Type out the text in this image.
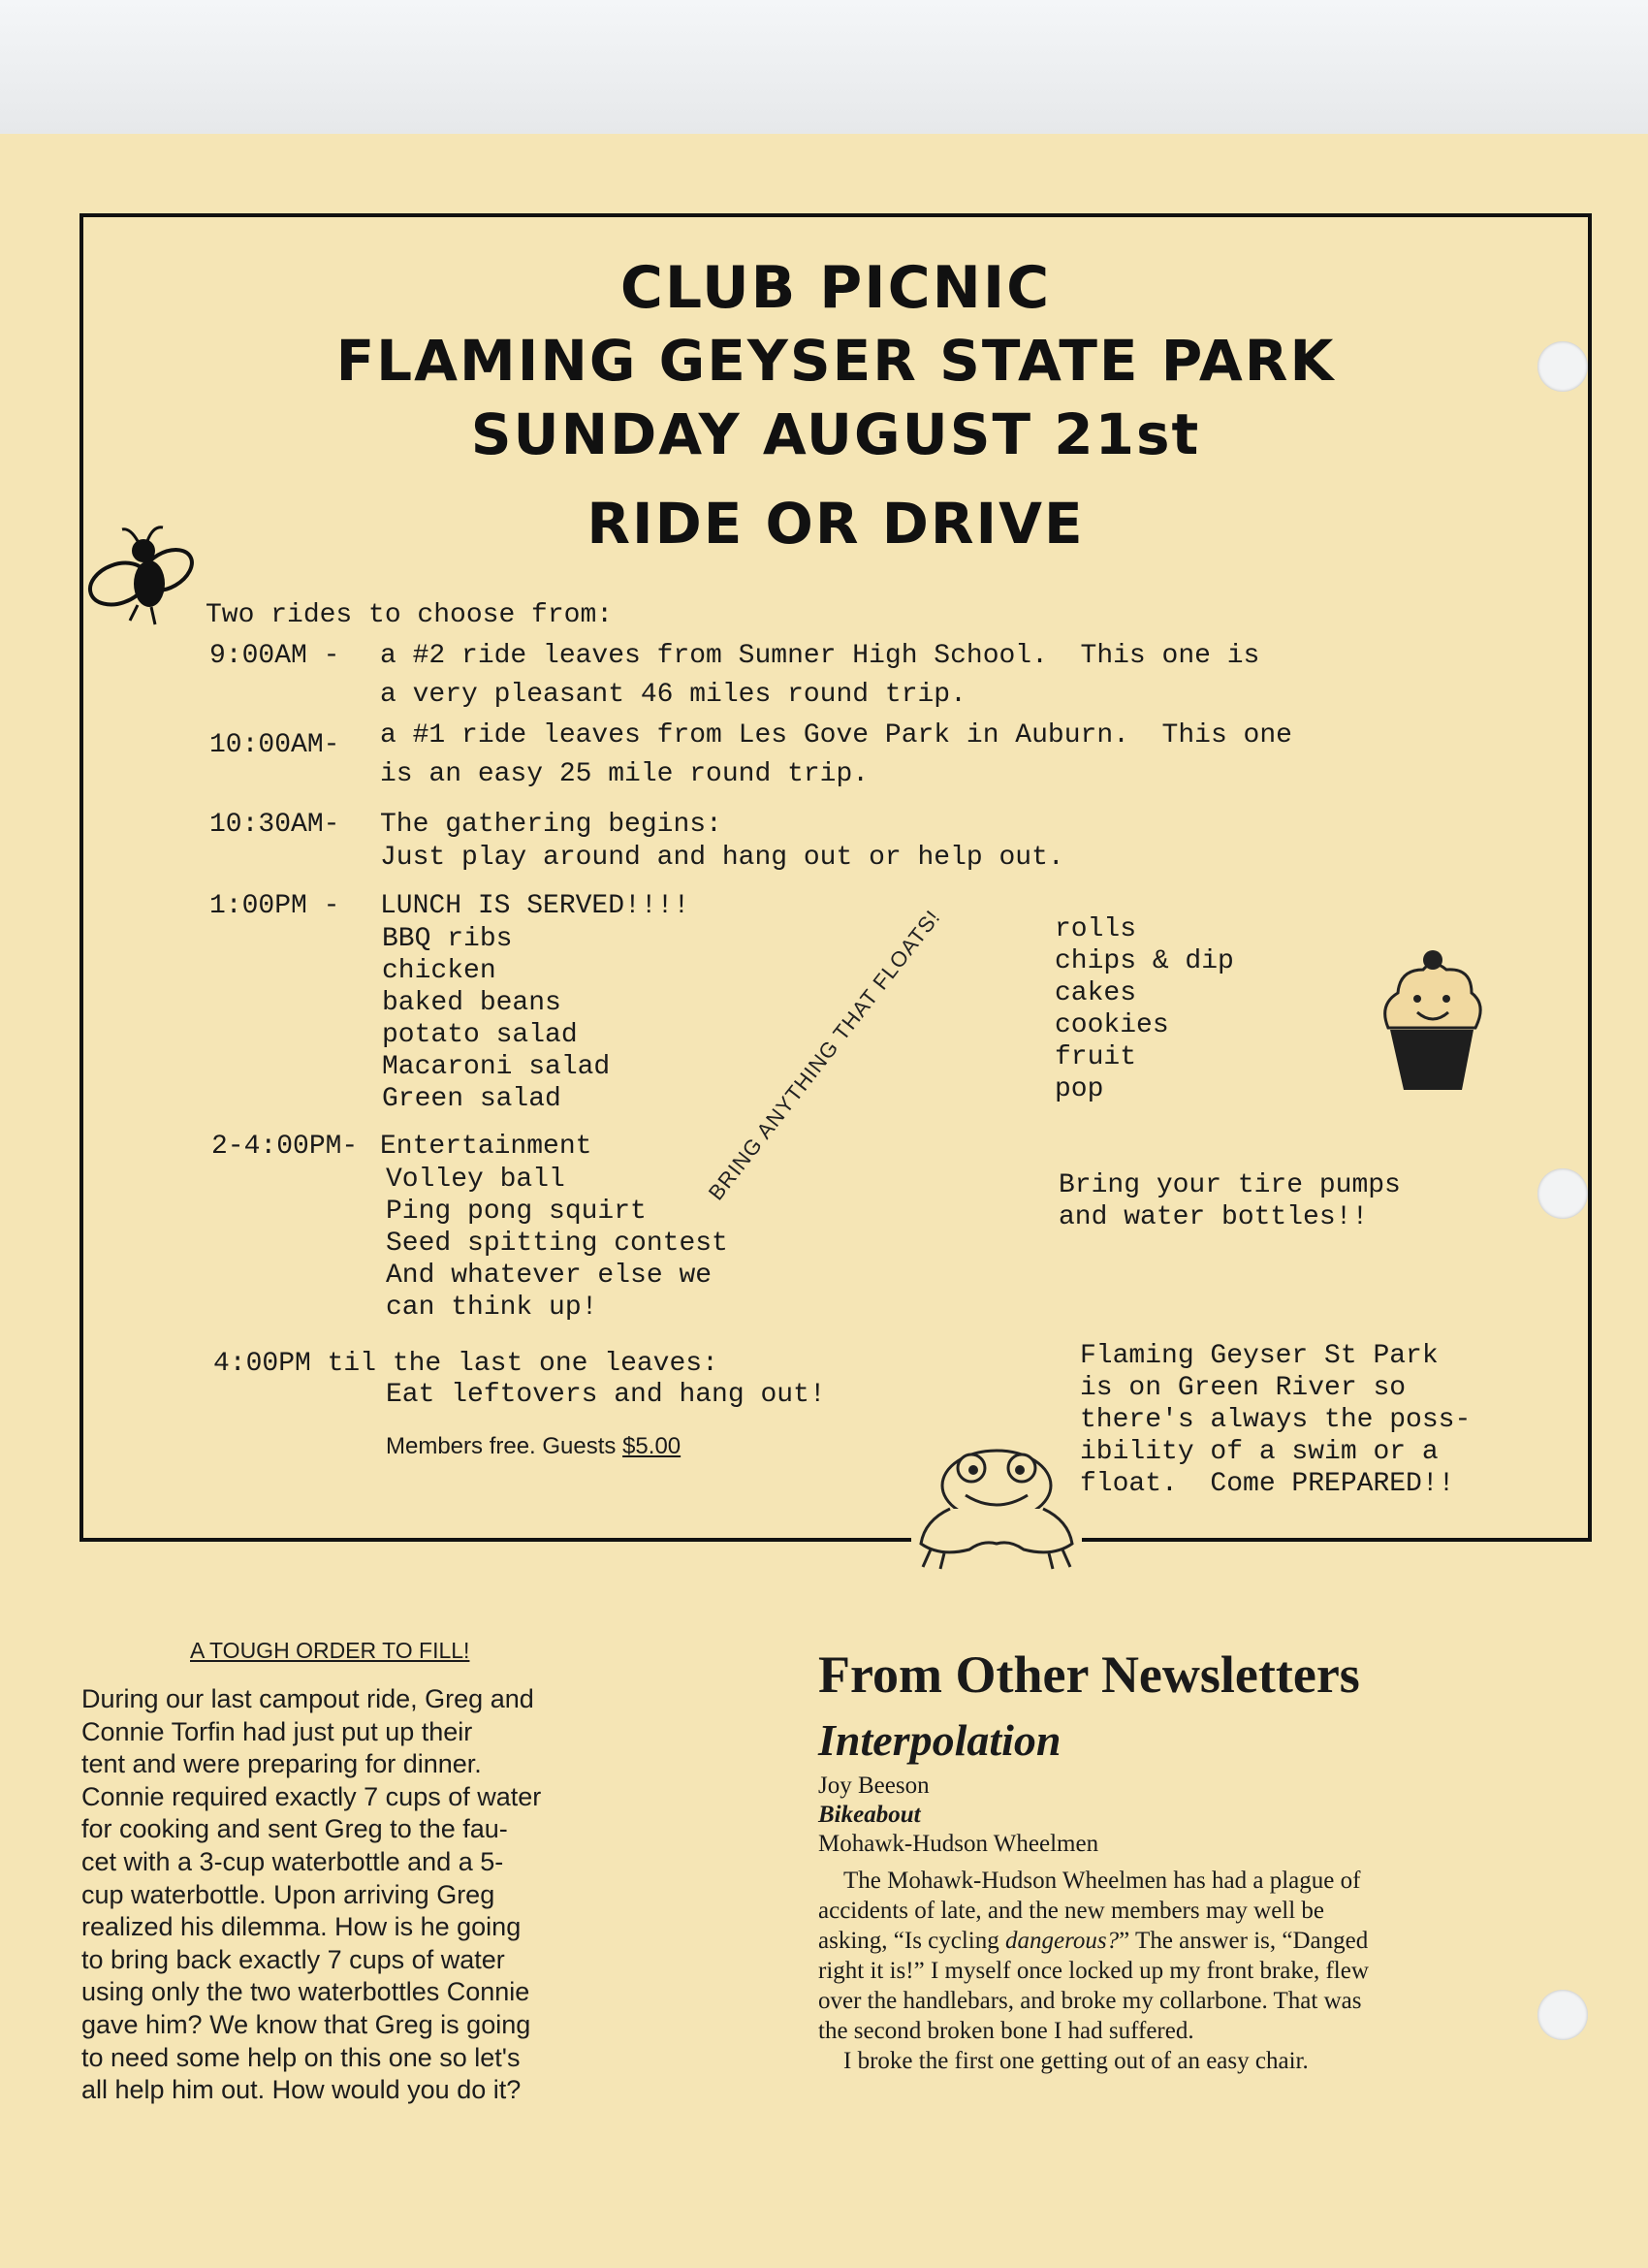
CLUB PICNIC
FLAMING GEYSER STATE PARK
SUNDAY AUGUST 21st
RIDE OR DRIVE
Two rides to choose from:
9:00AM - a #2 ride leaves from Sumner High School.  This one is
a very pleasant 46 miles round trip.
10:00AM- a #1 ride leaves from Les Gove Park in Auburn.  This one
is an easy 25 mile round trip.
10:30AM- The gathering begins:
Just play around and hang out or help out.
1:00PM - LUNCH IS SERVED!!!!
BBQ ribs
chicken
baked beans
potato salad
Macaroni salad
Green salad
rolls
chips & dip
cakes
cookies
fruit
pop
BRING ANYTHING THAT FLOATS!
2-4:00PM- Entertainment
Volley ball
Ping pong squirt
Seed spitting contest
And whatever else we
can think up!
Bring your tire pumps
and water bottles!!
4:00PM til the last one leaves:
Eat leftovers and hang out!
Members free. Guests $5.00
Flaming Geyser St Park
is on Green River so
there's always the poss-
ibility of a swim or a
float.  Come PREPARED!!
A TOUGH ORDER TO FILL!
During our last campout ride, Greg and
Connie Torfin had just put up their
tent and were preparing for dinner.
Connie required exactly 7 cups of water
for cooking and sent Greg to the fau-
cet with a 3-cup waterbottle and a 5-
cup waterbottle. Upon arriving Greg
realized his dilemma. How is he going
to bring back exactly 7 cups of water
using only the two waterbottles Connie
gave him? We know that Greg is going
to need some help on this one so let's
all help him out. How would you do it?
From Other Newsletters
Interpolation
Joy Beeson
Bikeabout
Mohawk-Hudson Wheelmen
The Mohawk-Hudson Wheelmen has had a plague of
accidents of late, and the new members may well be
asking, “Is cycling dangerous?” The answer is, “Danged
right it is!” I myself once locked up my front brake, flew
over the handlebars, and broke my collarbone. That was
the second broken bone I had suffered.
I broke the first one getting out of an easy chair.
